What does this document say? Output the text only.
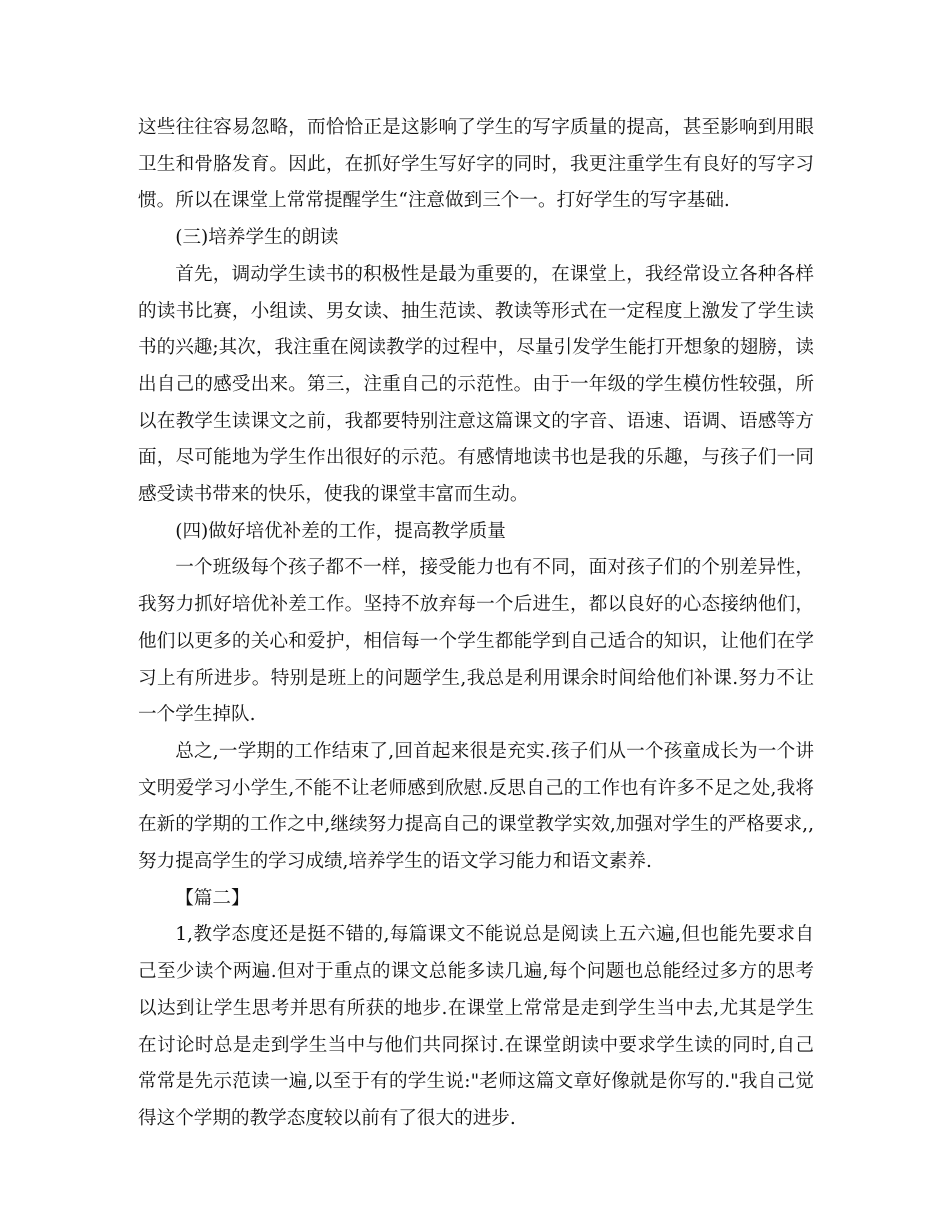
这些往往容易忽略，而恰恰正是这影响了学生的写字质量的提高，甚至影响到用眼卫生和骨胳发育。因此，在抓好学生写好字的同时，我更注重学生有良好的写字习惯。所以在课堂上常常提醒学生“注意做到三个一。打好学生的写字基础.

(三)培养学生的朗读

首先，调动学生读书的积极性是最为重要的，在课堂上，我经常设立各种各样的读书比赛，小组读、男女读、抽生范读、教读等形式在一定程度上激发了学生读书的兴趣;其次，我注重在阅读教学的过程中，尽量引发学生能打开想象的翅膀，读出自己的感受出来。第三，注重自己的示范性。由于一年级的学生模仿性较强，所以在教学生读课文之前，我都要特别注意这篇课文的字音、语速、语调、语感等方面，尽可能地为学生作出很好的示范。有感情地读书也是我的乐趣，与孩子们一同感受读书带来的快乐，使我的课堂丰富而生动。

(四)做好培优补差的工作，提高教学质量

一个班级每个孩子都不一样，接受能力也有不同，面对孩子们的个别差异性，我努力抓好培优补差工作。坚持不放弃每一个后进生，都以良好的心态接纳他们，他们以更多的关心和爱护，相信每一个学生都能学到自己适合的知识，让他们在学习上有所进步。特别是班上的问题学生,我总是利用课余时间给他们补课.努力不让一个学生掉队.

总之,一学期的工作结束了,回首起来很是充实.孩子们从一个孩童成长为一个讲文明爱学习小学生,不能不让老师感到欣慰.反思自己的工作也有许多不足之处,我将在新的学期的工作之中,继续努力提高自己的课堂教学实效,加强对学生的严格要求,,努力提高学生的学习成绩,培养学生的语文学习能力和语文素养.

【篇二】

1,教学态度还是挺不错的,每篇课文不能说总是阅读上五六遍,但也能先要求自己至少读个两遍.但对于重点的课文总能多读几遍,每个问题也总能经过多方的思考以达到让学生思考并思有所获的地步.在课堂上常常是走到学生当中去,尤其是学生在讨论时总是走到学生当中与他们共同探讨.在课堂朗读中要求学生读的同时,自己常常是先示范读一遍,以至于有的学生说:"老师这篇文章好像就是你写的."我自己觉得这个学期的教学态度较以前有了很大的进步.
